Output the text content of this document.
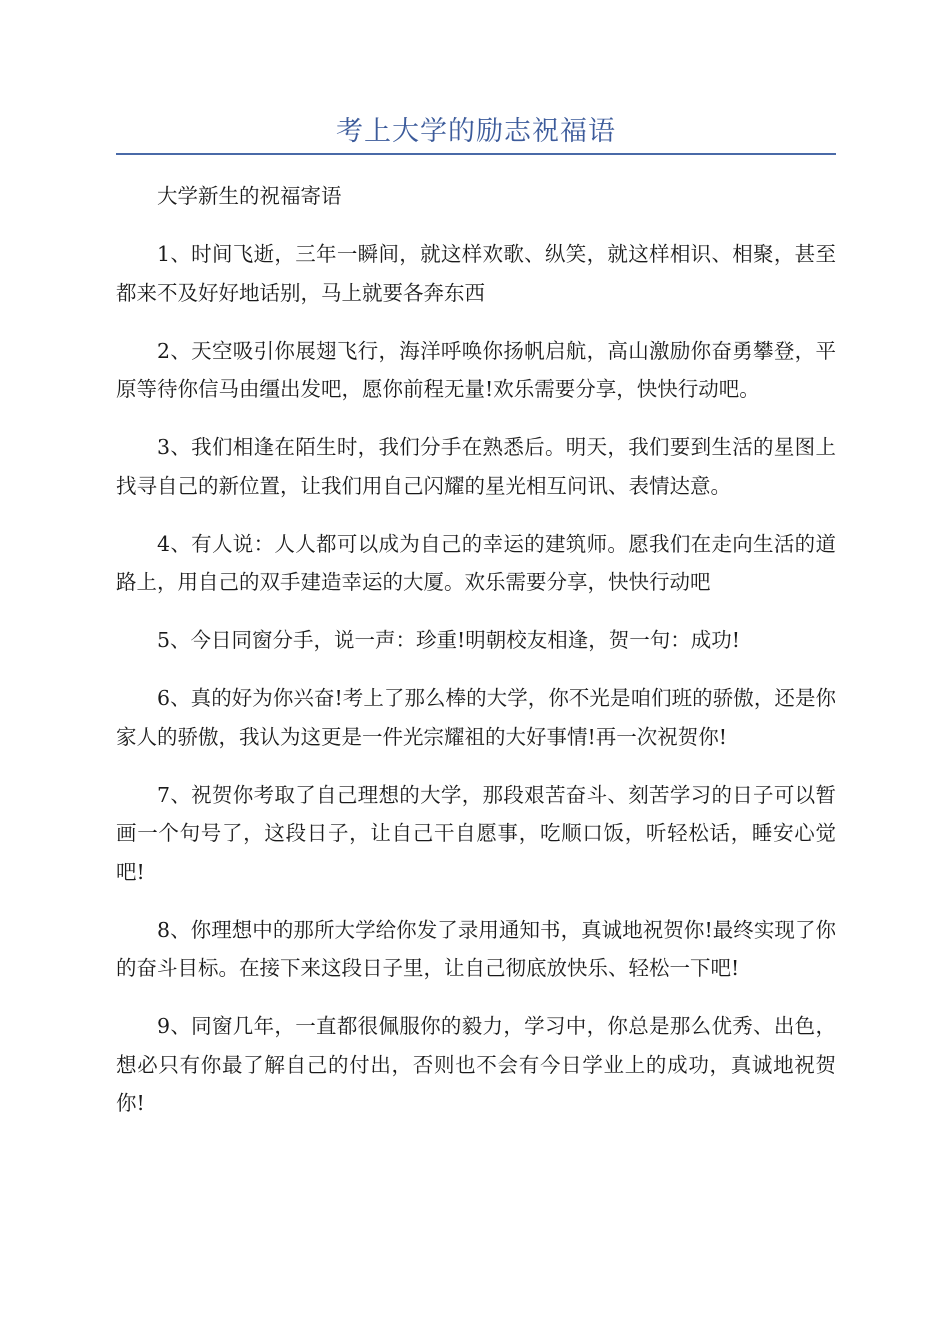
考上大学的励志祝福语

大学新生的祝福寄语

1、时间飞逝，三年一瞬间，就这样欢歌、纵笑，就这样相识、相聚，甚至都来不及好好地话别，马上就要各奔东西

2、天空吸引你展翅飞行，海洋呼唤你扬帆启航，高山激励你奋勇攀登，平原等待你信马由缰出发吧，愿你前程无量!欢乐需要分享，快快行动吧。

3、我们相逢在陌生时，我们分手在熟悉后。明天，我们要到生活的星图上找寻自己的新位置，让我们用自己闪耀的星光相互问讯、表情达意。

4、有人说：人人都可以成为自己的幸运的建筑师。愿我们在走向生活的道路上，用自己的双手建造幸运的大厦。欢乐需要分享，快快行动吧

5、今日同窗分手，说一声：珍重!明朝校友相逢，贺一句：成功!

6、真的好为你兴奋!考上了那么棒的大学，你不光是咱们班的骄傲，还是你家人的骄傲，我认为这更是一件光宗耀祖的大好事情!再一次祝贺你!

7、祝贺你考取了自己理想的大学，那段艰苦奋斗、刻苦学习的日子可以暂画一个句号了，这段日子，让自己干自愿事，吃顺口饭，听轻松话，睡安心觉吧!

8、你理想中的那所大学给你发了录用通知书，真诚地祝贺你!最终实现了你的奋斗目标。在接下来这段日子里，让自己彻底放快乐、轻松一下吧!

9、同窗几年，一直都很佩服你的毅力，学习中，你总是那么优秀、出色，想必只有你最了解自己的付出，否则也不会有今日学业上的成功，真诚地祝贺你!
